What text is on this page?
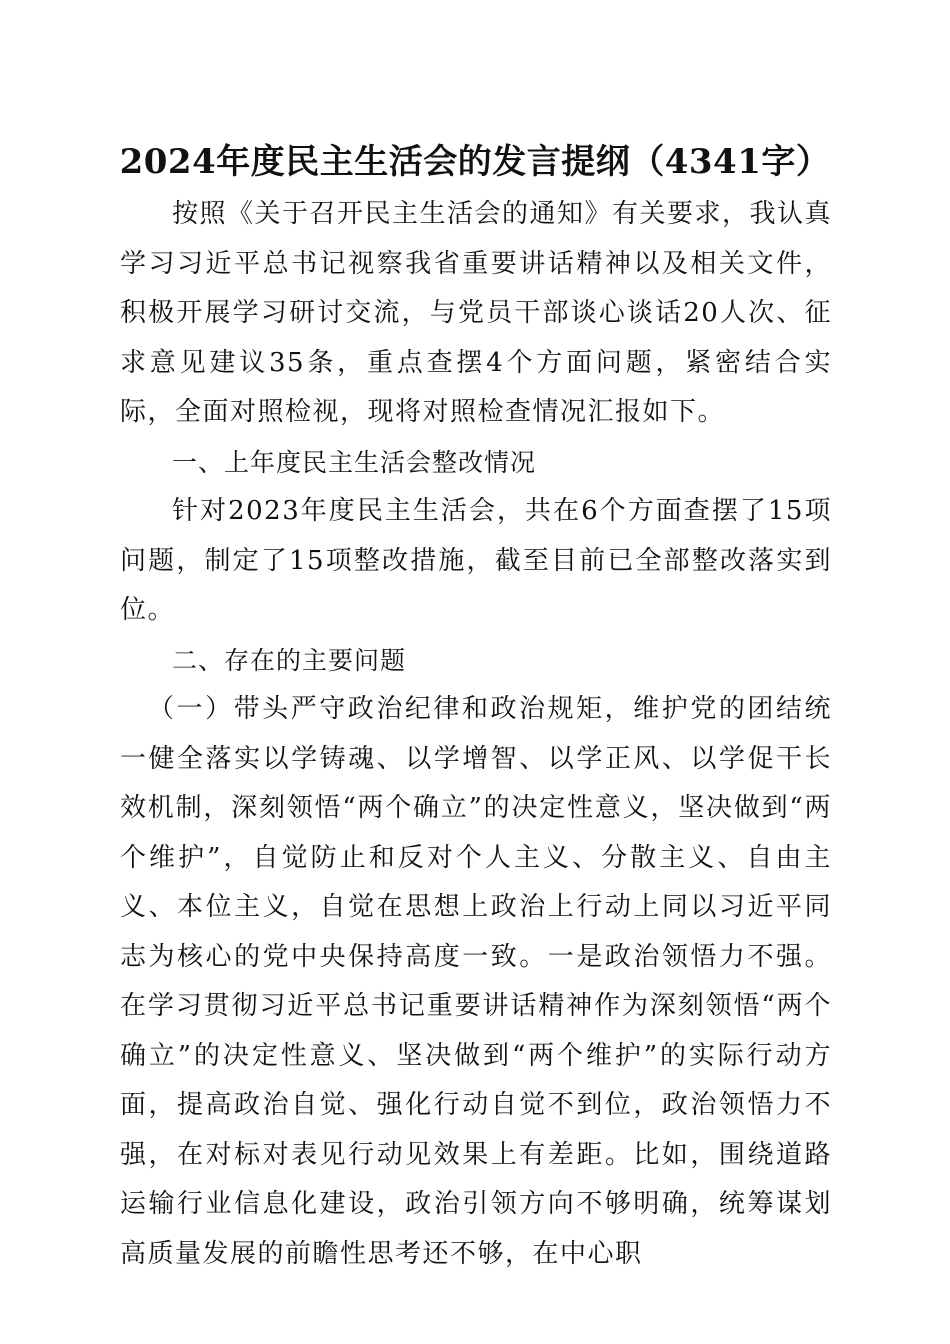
2024年度民主生活会的发言提纲（4341字）

按照《关于召开民主生活会的通知》有关要求，我认真学习习近平总书记视察我省重要讲话精神以及相关文件，积极开展学习研讨交流，与党员干部谈心谈话20人次、征求意见建议35条，重点查摆4个方面问题，紧密结合实际，全面对照检视，现将对照检查情况汇报如下。

一、上年度民主生活会整改情况

针对2023年度民主生活会，共在6个方面查摆了15项问题，制定了15项整改措施，截至目前已全部整改落实到位。

二、存在的主要问题

（一）带头严守政治纪律和政治规矩，维护党的团结统一健全落实以学铸魂、以学增智、以学正风、以学促干长效机制，深刻领悟“两个确立”的决定性意义，坚决做到“两个维护”，自觉防止和反对个人主义、分散主义、自由主义、本位主义，自觉在思想上政治上行动上同以习近平同志为核心的党中央保持高度一致。一是政治领悟力不强。在学习贯彻习近平总书记重要讲话精神作为深刻领悟“两个确立”的决定性意义、坚决做到“两个维护”的实际行动方面，提高政治自觉、强化行动自觉不到位，政治领悟力不强，在对标对表见行动见效果上有差距。比如，围绕道路运输行业信息化建设，政治引领方向不够明确，统筹谋划高质量发展的前瞻性思考还不够，在中心职
